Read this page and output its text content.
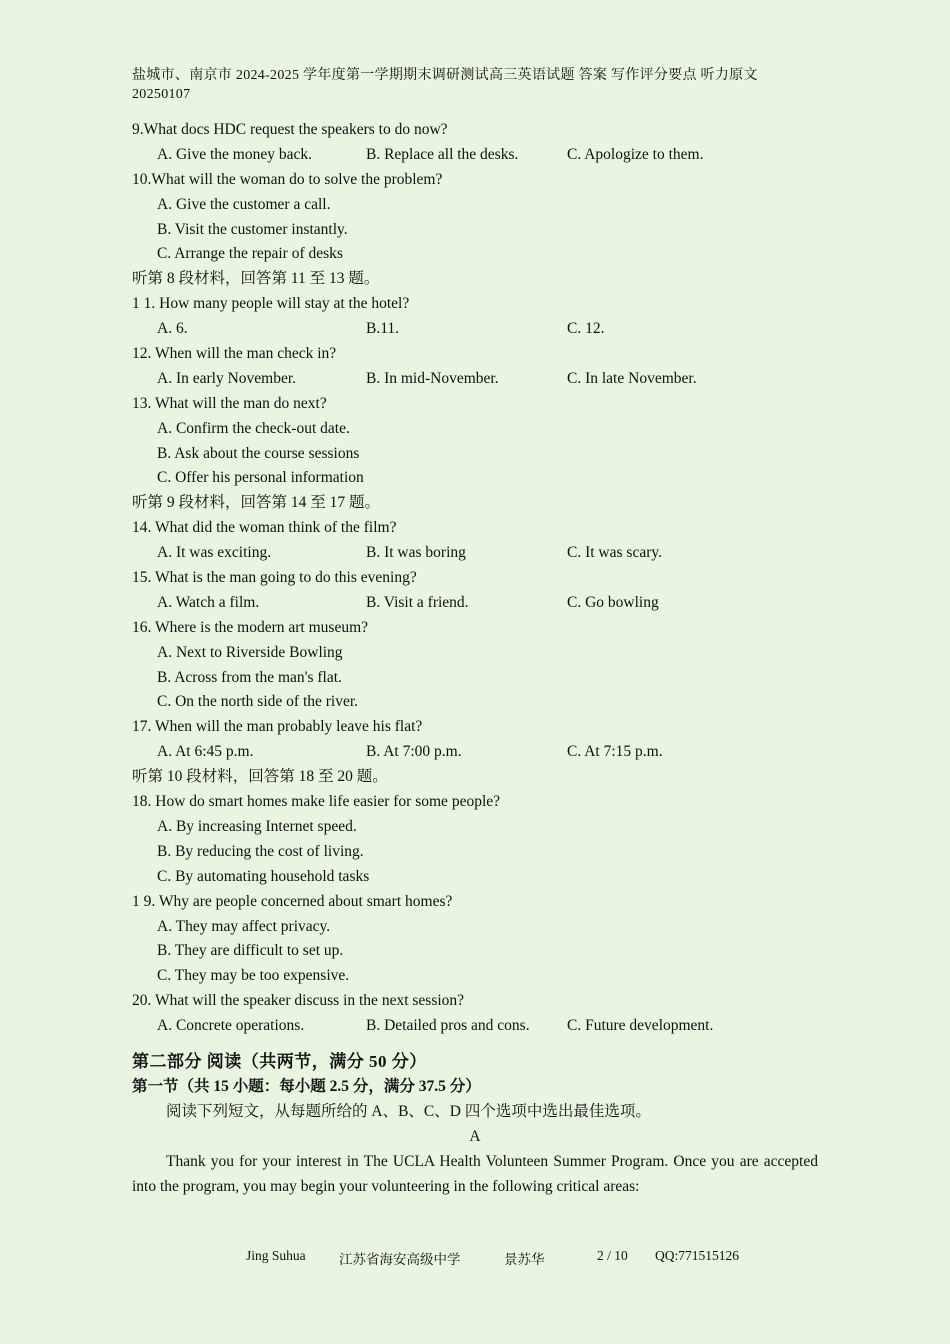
盐城市、南京市 2024-2025 学年度第一学期期末调研测试高三英语试题 答案 写作评分要点 听力原文
20250107
9.What docs HDC request the speakers to do now?
A. Give the money back.	B. Replace all the desks.	C. Apologize to them.
10.What will the woman do to solve the problem?
A. Give the customer a call.
B. Visit the customer instantly.
C. Arrange the repair of desks
听第 8 段材料，回答第 11 至 13 题。
1 1. How many people will stay at the hotel?
A. 6.	B.11.	C. 12.
12. When will the man check in?
A. In early November.	B. In mid-November.	C. In late November.
13. What will the man do next?
A. Confirm the check-out date.
B. Ask about the course sessions
C. Offer his personal information
听第 9 段材料，回答第 14 至 17 题。
14. What did the woman think of the film?
A. It was exciting.	B. It was boring	C. It was scary.
15. What is the man going to do this evening?
A. Watch a film.	B. Visit a friend.	C. Go bowling
16. Where is the modern art museum?
A. Next to Riverside Bowling
B. Across from the man's flat.
C. On the north side of the river.
17. When will the man probably leave his flat?
A. At 6:45 p.m.	B. At 7:00 p.m.	C. At 7:15 p.m.
听第 10 段材料，回答第 18 至 20 题。
18. How do smart homes make life easier for some people?
A. By increasing Internet speed.
B. By reducing the cost of living.
C. By automating household tasks
1 9. Why are people concerned about smart homes?
A. They may affect privacy.
B. They are difficult to set up.
C. They may be too expensive.
20. What will the speaker discuss in the next session?
A. Concrete operations.	B. Detailed pros and cons. C. Future development.
第二部分 阅读（共两节，满分 50 分）
第一节（共 15 小题：每小题 2.5 分，满分 37.5 分）
阅读下列短文，从每题所给的 A、B、C、D 四个选项中选出最佳选项。
A
Thank you for your interest in The UCLA Health Volunteen Summer Program. Once you are accepted into the program, you may begin your volunteering in the following critical areas:
Jing Suhua 江苏省海安高级中学	景苏华	2 / 10 QQ:771515126
